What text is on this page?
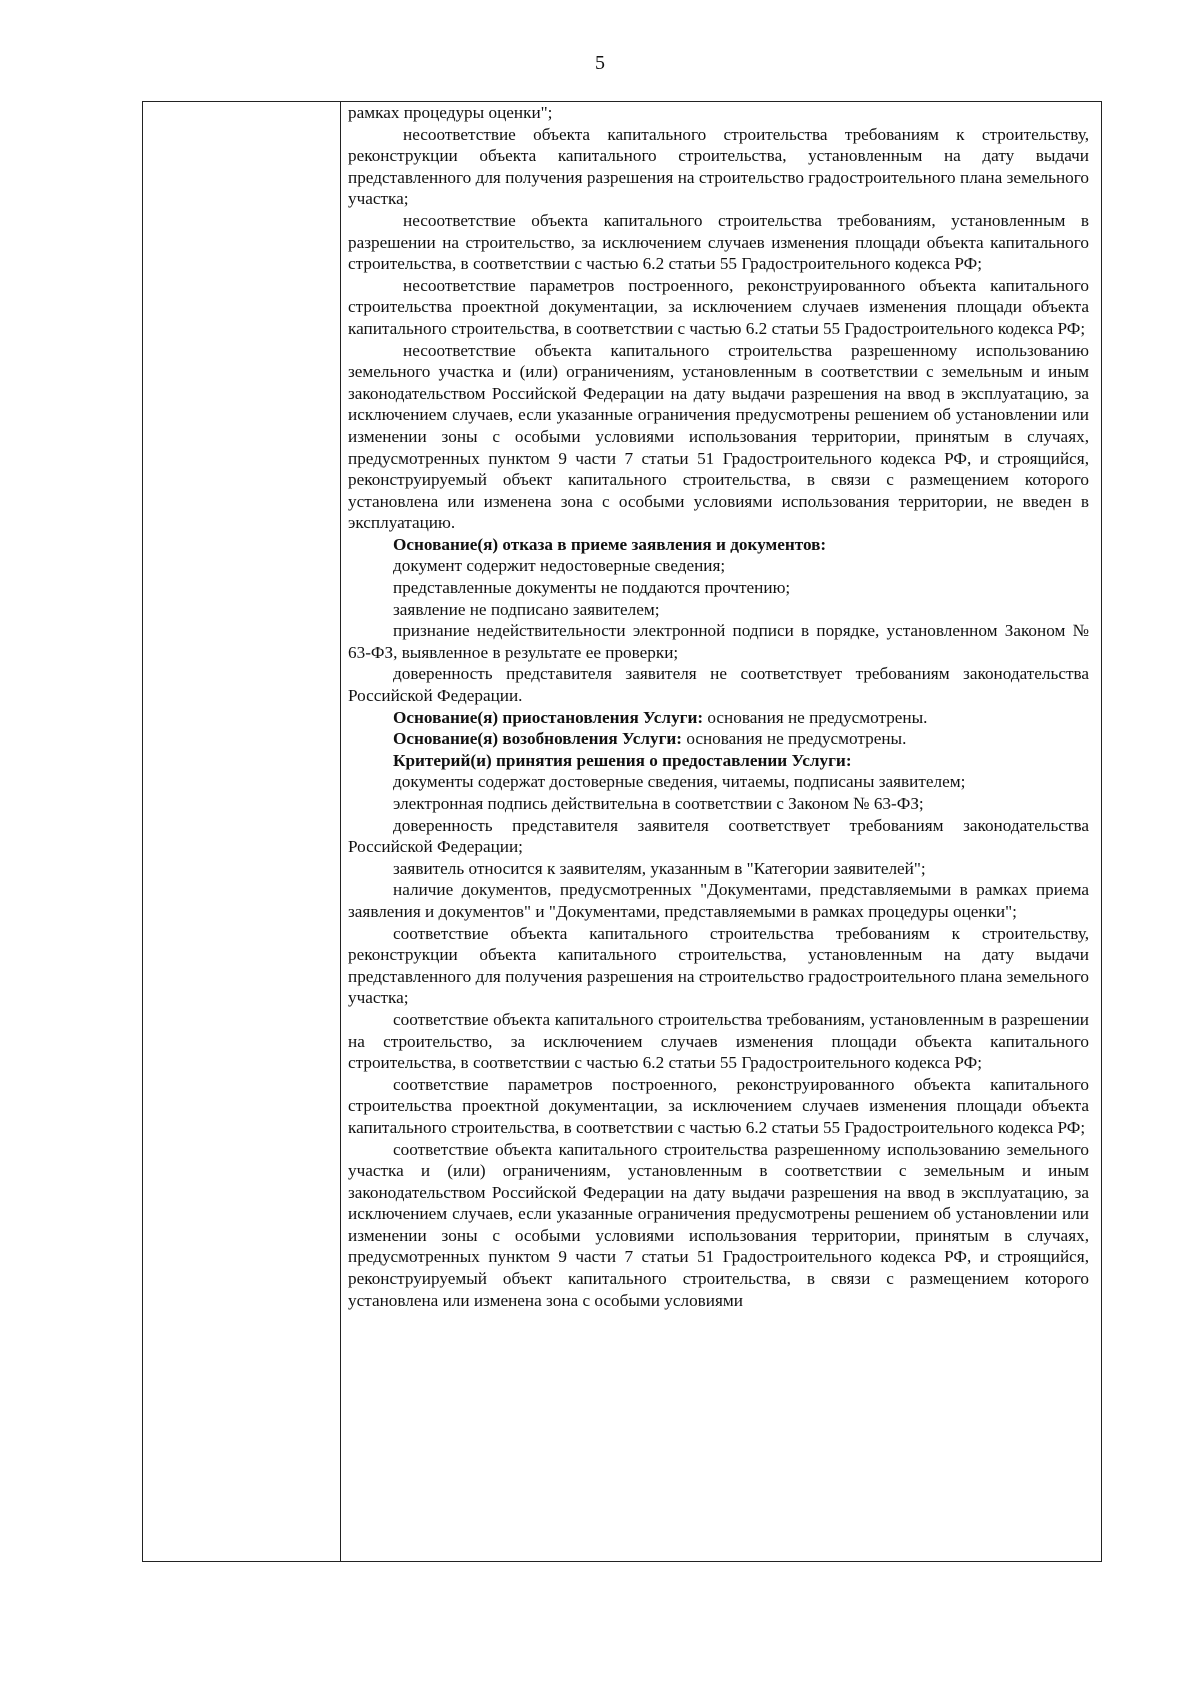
5

рамках процедуры оценки";

несоответствие объекта капитального строительства требованиям к строительству, реконструкции объекта капитального строительства, установленным на дату выдачи представленного для получения разрешения на строительство градостроительного плана земельного участка;

несоответствие объекта капитального строительства требованиям, установленным в разрешении на строительство, за исключением случаев изменения площади объекта капитального строительства, в соответствии с частью 6.2 статьи 55 Градостроительного кодекса РФ;

несоответствие параметров построенного, реконструированного объекта капитального строительства проектной документации, за исключением случаев изменения площади объекта капитального строительства, в соответствии с частью 6.2 статьи 55 Градостроительного кодекса РФ;

несоответствие объекта капитального строительства разрешенному использованию земельного участка и (или) ограничениям, установленным в соответствии с земельным и иным законодательством Российской Федерации на дату выдачи разрешения на ввод в эксплуатацию, за исключением случаев, если указанные ограничения предусмотрены решением об установлении или изменении зоны с особыми условиями использования территории, принятым в случаях, предусмотренных пунктом 9 части 7 статьи 51 Градостроительного кодекса РФ, и строящийся, реконструируемый объект капитального строительства, в связи с размещением которого установлена или изменена зона с особыми условиями использования территории, не введен в эксплуатацию.

Основание(я) отказа в приеме заявления и документов:

документ содержит недостоверные сведения;

представленные документы не поддаются прочтению;

заявление не подписано заявителем;

признание недействительности электронной подписи в порядке, установленном Законом № 63-ФЗ, выявленное в результате ее проверки;

доверенность представителя заявителя не соответствует требованиям законодательства Российской Федерации.

Основание(я) приостановления Услуги: основания не предусмотрены.

Основание(я) возобновления Услуги: основания не предусмотрены.

Критерий(и) принятия решения о предоставлении Услуги:

документы содержат достоверные сведения, читаемы, подписаны заявителем;

электронная подпись действительна в соответствии с Законом № 63-ФЗ;

доверенность представителя заявителя соответствует требованиям законодательства Российской Федерации;

заявитель относится к заявителям, указанным в "Категории заявителей";

наличие документов, предусмотренных "Документами, представляемыми в рамках приема заявления и документов" и "Документами, представляемыми в рамках процедуры оценки";

соответствие объекта капитального строительства требованиям к строительству, реконструкции объекта капитального строительства, установленным на дату выдачи представленного для получения разрешения на строительство градостроительного плана земельного участка;

соответствие объекта капитального строительства требованиям, установленным в разрешении на строительство, за исключением случаев изменения площади объекта капитального строительства, в соответствии с частью 6.2 статьи 55 Градостроительного кодекса РФ;

соответствие параметров построенного, реконструированного объекта капитального строительства проектной документации, за исключением случаев изменения площади объекта капитального строительства, в соответствии с частью 6.2 статьи 55 Градостроительного кодекса РФ;

соответствие объекта капитального строительства разрешенному использованию земельного участка и (или) ограничениям, установленным в соответствии с земельным и иным законодательством Российской Федерации на дату выдачи разрешения на ввод в эксплуатацию, за исключением случаев, если указанные ограничения предусмотрены решением об установлении или изменении зоны с особыми условиями использования территории, принятым в случаях, предусмотренных пунктом 9 части 7 статьи 51 Градостроительного кодекса РФ, и строящийся, реконструируемый объект капитального строительства, в связи с размещением которого установлена или изменена зона с особыми условиями
